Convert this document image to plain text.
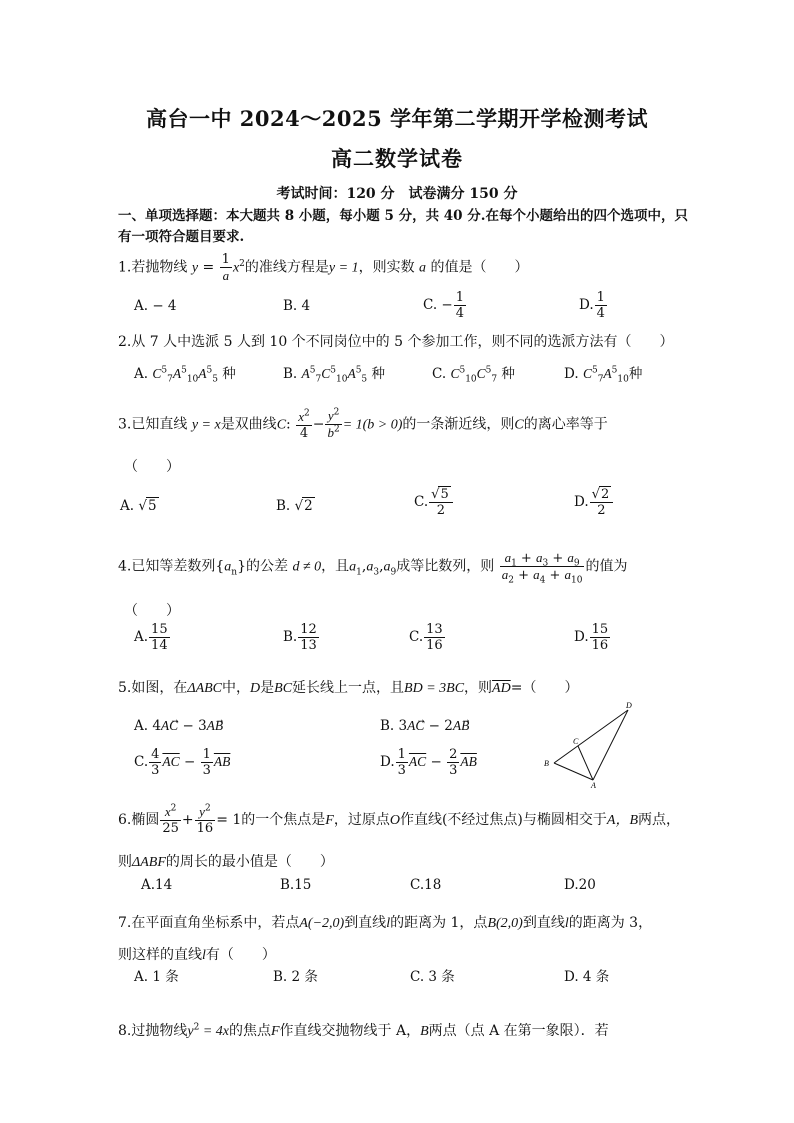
高台一中 2024～2025 学年第二学期开学检测考试
高二数学试卷
考试时间：120 分　试卷满分 150 分
一、单项选择题：本大题共 8 小题，每小题 5 分，共 40 分.在每个小题给出的四个选项中，只有一项符合题目要求.
1.若抛物线 $y = \frac{1}{a} x^2$的准线方程是y = 1，则实数 a 的值是（　　）
A. − 4	B. 4	C. − $\frac{1}{4}$	D. $\frac{1}{4}$
2.从 7 人中选派 5 人到 10 个不同岗位中的 5 个参加工作，则不同的选派方法有（　　）
A. $C^5_7A^5_{10}A^5_5$ 种	B. $A^5_7C^5_{10}A^5_5$ 种	C. $C^5_{10}C^5_7$ 种	D. $C^5_7A^5_{10}$种
3.已知直线 y = x是双曲线C: $\frac{x^2}{4} - \frac{y^2}{b^2} = 1(b > 0)$的一条渐近线，则C的离心率等于
（　　）
A. √5	B. √2	C. $\frac{√5}{2}$	D. $\frac{√2}{2}$
4.已知等差数列$\{a_n\}$的公差 d ≠ 0，且$a_1,a_3,a_9$成等比数列，则 $\frac{a_1 + a_3 + a_9}{a_2 + a_4 + a_{10}}$ 的值为
（　　）
A. $\frac{15}{14}$	B. $\frac{12}{13}$	C. $\frac{13}{16}$	D. $\frac{15}{16}$
5.如图，在ΔABC中，D是BC延长线上一点，且BD = 3BC，则$\overline{AD}=$（　　）
A. 4AC⃗ − 3AB	B. 3AC⃗ − 2AB
C. $\frac{4}{3} \overline{AC} - \frac{1}{3} \overline{AB}$	D. $\frac{1}{3} \overline{AC} - \frac{2}{3} \overline{AB}$
D
C
B
A
6.椭圆 $\frac{x^2}{25} + \frac{y^2}{16} = 1$的一个焦点是F，过原点O作直线(不经过焦点)与椭圆相交于A，B两点，
则ΔABF的周长的最小值是（　　）
A.14	B.15	C.18	D.20
7.在平面直角坐标系中，若点A(−2,0)到直线l的距离为 1，点B(2,0)到直线l的距离为 3，
则这样的直线l有（　　）
A. 1 条	B. 2 条	C. 3 条	D. 4 条
8.过抛物线$y^2 = 4x$的焦点F作直线交抛物线于 A，B两点（点 A 在第一象限）．若
